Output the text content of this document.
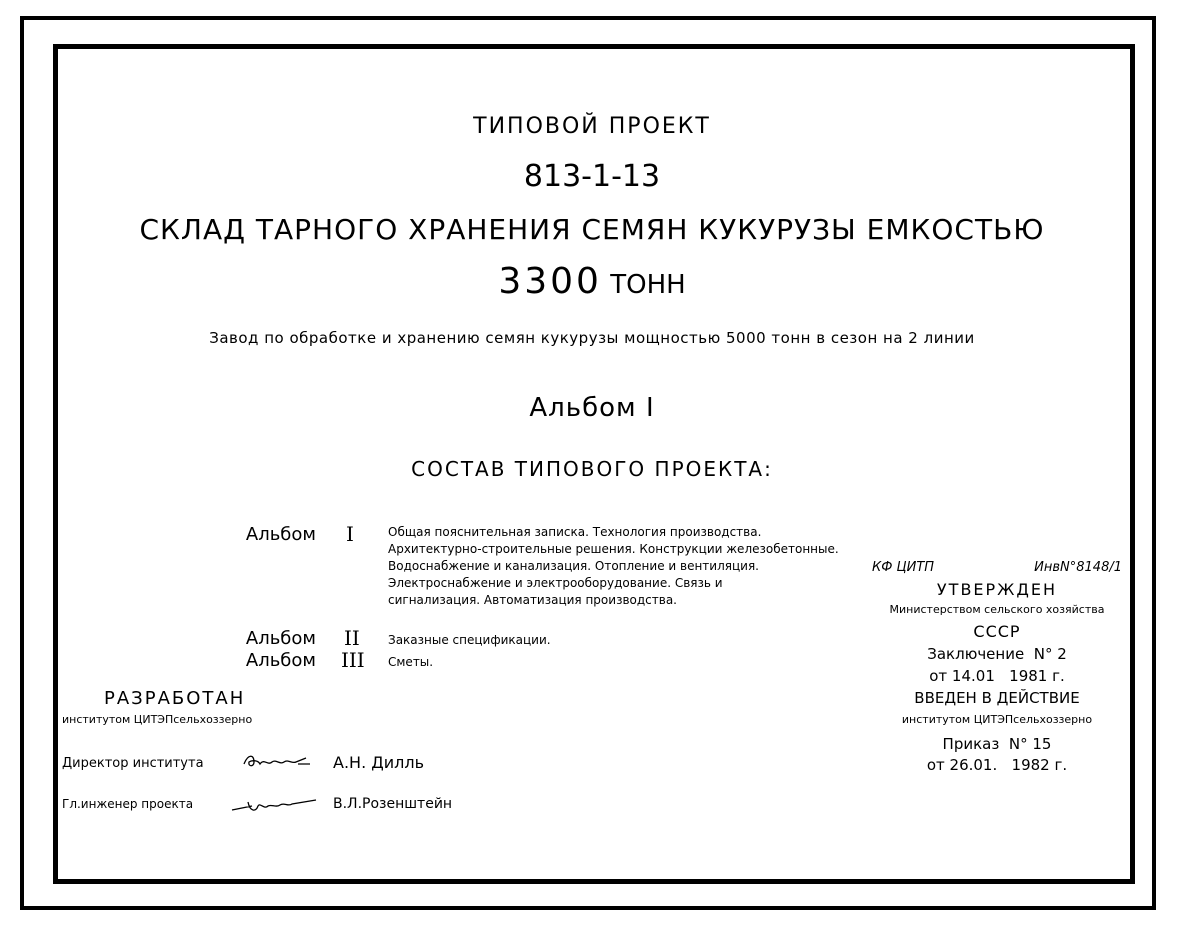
ТИПОВОЙ ПРОЕКТ
813-1-13
СКЛАД ТАРНОГО ХРАНЕНИЯ СЕМЯН КУКУРУЗЫ ЕМКОСТЬЮ
3300 ТОНН
Завод по обработке и хранению семян кукурузы мощностью 5000 тонн в сезон на 2 линии
Альбом I
СОСТАВ ТИПОВОГО ПРОЕКТА:
Альбом I	Общая пояснительная записка. Технология производства.
Архитектурно-строительные решения. Конструкции железобетонные.
Водоснабжение и канализация. Отопление и вентиляция.
Электроснабжение и электрооборудование. Связь и
сигнализация. Автоматизация производства.
Альбом II Заказные спецификации.
Альбом III Сметы.
РАЗРАБОТАН
институтом ЦИТЭПсельхоззерно
Директор института	А.Н. Дилль
Гл.инженер проекта	В.Л.Розенштейн
КФ ЦИТП	ИнвN°8148/1
УТВЕРЖДЕН
Министерством сельского хозяйства
СССР
Заключение  N° 2
от 14.01   1981 г.
ВВЕДЕН В ДЕЙСТВИЕ
институтом ЦИТЭПсельхоззерно
Приказ  N° 15
от 26.01.   1982 г.
